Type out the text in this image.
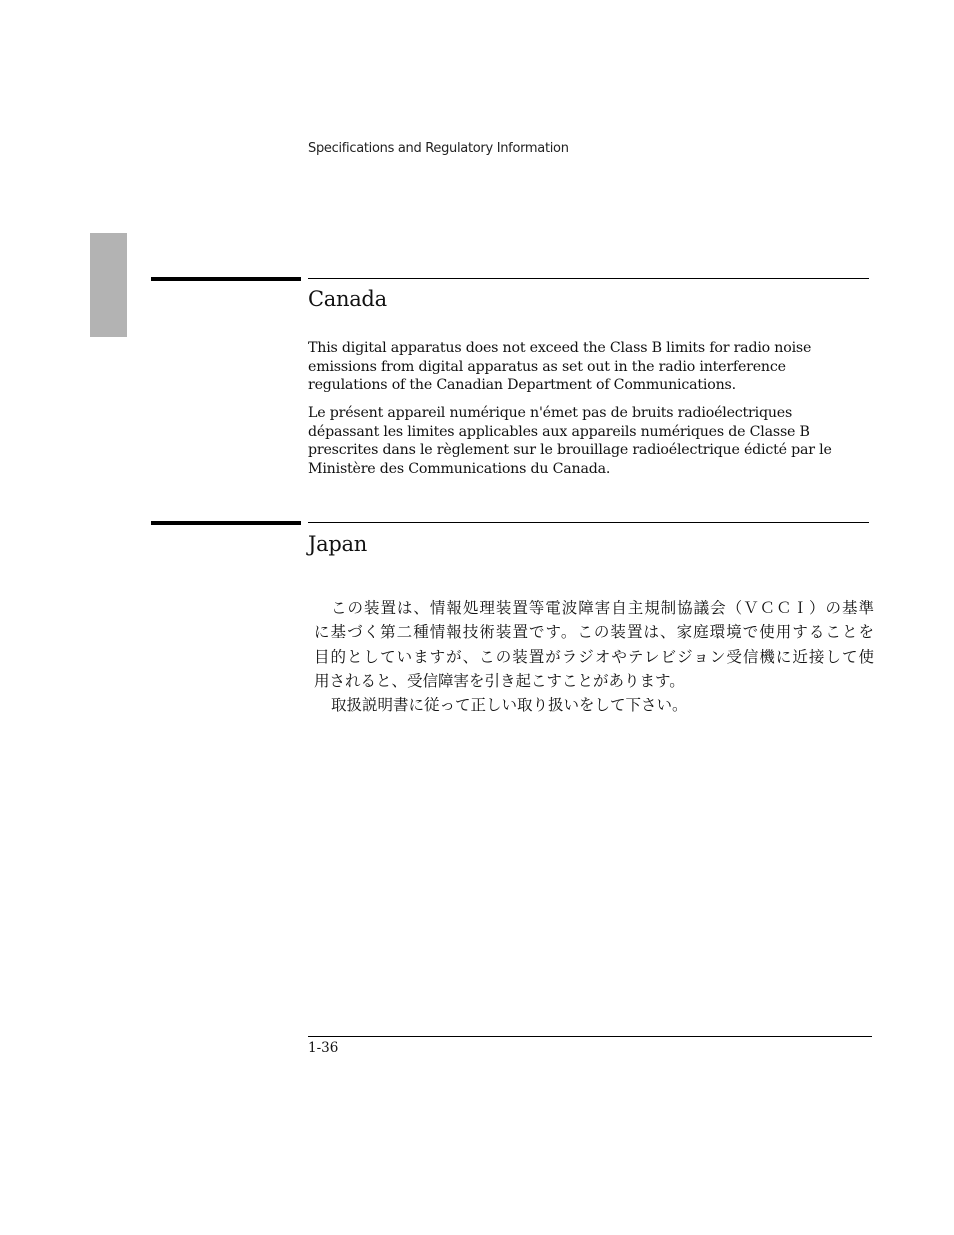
Specifications and Regulatory Information
Canada

This digital apparatus does not exceed the Class B limits for radio noise emissions from digital apparatus as set out in the radio interference regulations of the Canadian Department of Communications.

Le présent appareil numérique n'émet pas de bruits radioélectriques dépassant les limites applicables aux appareils numériques de Classe B prescrites dans le règlement sur le brouillage radioélectrique édicté par le Ministère des Communications du Canada.

Japan

この装置は、情報処理装置等電波障害自主規制協議会（ＶＣＣＩ）の基準

に基づく第二種情報技術装置です。この装置は、家庭環境で使用することを

目的としていますが、この装置がラジオやテレビジョン受信機に近接して使

用されると、受信障害を引き起こすことがあります。

取扱説明書に従って正しい取り扱いをして下さい。

1-36
